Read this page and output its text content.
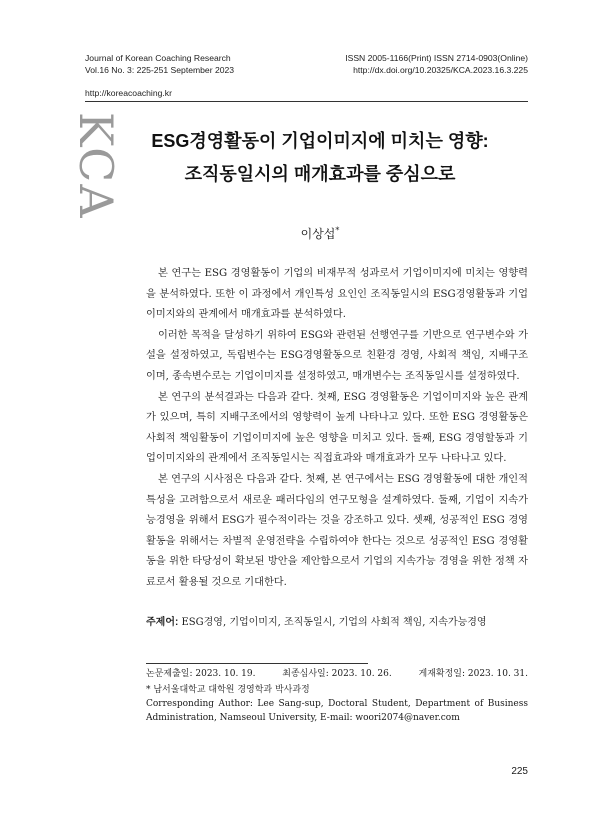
Journal of Korean Coaching Research
Vol.16 No. 3: 225-251 September 2023
ISSN 2005-1166(Print) ISSN 2714-0903(Online)
http://dx.doi.org/10.20325/KCA.2023.16.3.225
http://koreacoaching.kr
KCA	ESG경영활동이 기업이미지에 미치는 영향:
조직동일시의 매개효과를 중심으로
이상섭*

본 연구는 ESG 경영활동이 기업의 비재무적 성과로서 기업이미지에 미치는 영향력을 분석하였다. 또한 이 과정에서 개인특성 요인인 조직동일시의 ESG경영활동과 기업이미지와의 관계에서 매개효과를 분석하였다.

이러한 목적을 달성하기 위하여 ESG와 관련된 선행연구를 기반으로 연구변수와 가설을 설정하였고, 독립변수는 ESG경영활동으로 친환경 경영, 사회적 책임, 지배구조이며, 종속변수로는 기업이미지를 설정하였고, 매개변수는 조직동일시를 설정하였다.

본 연구의 분석결과는 다음과 같다. 첫째, ESG 경영활동은 기업이미지와 높은 관계가 있으며, 특히 지배구조에서의 영향력이 높게 나타나고 있다. 또한 ESG 경영활동은 사회적 책임활동이 기업이미지에 높은 영향을 미치고 있다. 둘째, ESG 경영할동과 기업이미지와의 관계에서 조직동일시는 직접효과와 매개효과가 모두 나타나고 있다.

본 연구의 시사점은 다음과 같다. 첫째, 본 연구에서는 ESG 경영활동에 대한 개인적 특성을 고려함으로서 새로운 패러다임의 연구모형을 설계하였다. 둘째, 기업이 지속가능경영을 위해서 ESG가 필수적이라는 것을 강조하고 있다. 셋째, 성공적인 ESG 경영활동을 위해서는 차별적 운영전략을 수립하여야 한다는 것으로 성공적인 ESG 경영활동을 위한 타당성이 확보된 방안을 제안함으로서 기업의 지속가능 경영을 위한 정책 자료로서 활용될 것으로 기대한다.

주제어: ESG경영, 기업이미지, 조직동일시, 기업의 사회적 책임, 지속가능경영
논문제출일: 2023. 10. 19.	최종심사일: 2023. 10. 26.	게재확정일: 2023. 10. 31.
* 남서울대학교 대학원 경영학과 박사과정
Corresponding Author: Lee Sang-sup, Doctoral Student, Department of Business Administration, Namseoul University, E-mail: woori2074@naver.com
225
